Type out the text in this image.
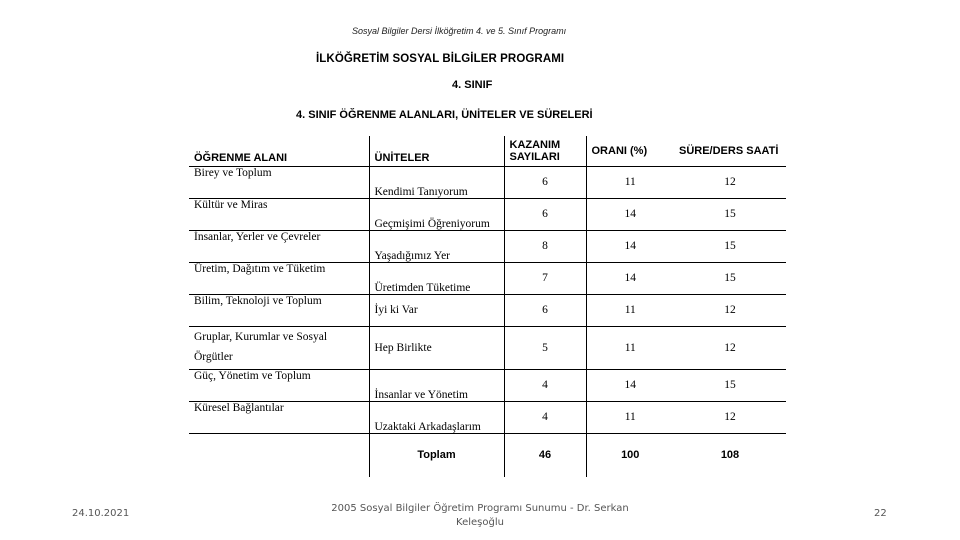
Sosyal Bilgiler Dersi İlköğretim 4. ve 5. Sınıf Programı
İLKÖĞRETİM SOSYAL BİLGİLER PROGRAMI
4. SINIF
4. SINIF ÖĞRENME ALANLARI, ÜNİTELER VE SÜRELERİ
ÖĞRENME ALANI	ÜNİTELER	KAZANIM SAYILARI	ORANI (%)	SÜRE/DERS SAATİ
Birey ve Toplum	Kendimi Tanıyorum	6	11	12
Kültür ve Miras	Geçmişimi Öğreniyorum	6	14	15
İnsanlar, Yerler ve Çevreler	Yaşadığımız Yer	8	14	15
Üretim, Dağıtım ve Tüketim	Üretimden Tüketime	7	14	15
Bilim, Teknoloji ve Toplum	İyi ki Var	6	11	12
Gruplar, Kurumlar ve Sosyal Örgütler	Hep Birlikte	5	11	12
Güç, Yönetim ve Toplum	İnsanlar ve Yönetim	4	14	15
Küresel Bağlantılar	Uzaktaki Arkadaşlarım	4	11	12
	Toplam	46	100	108
24.10.2021	2005 Sosyal Bilgiler Öğretim Programı Sunumu - Dr. Serkan Keleşoğlu
22
